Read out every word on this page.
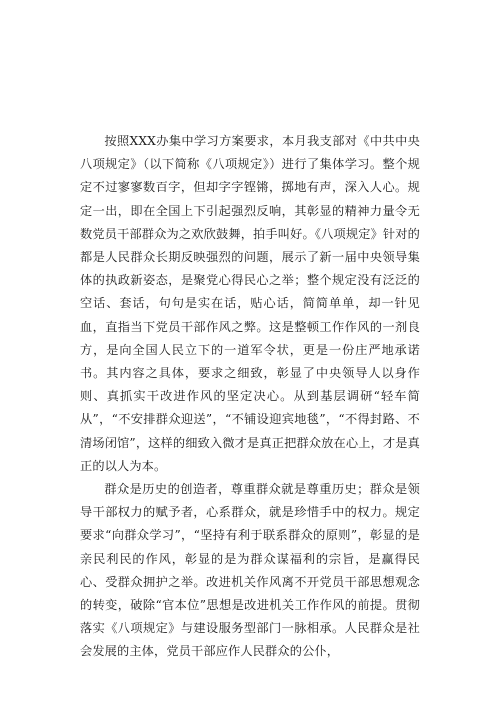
按照XXX办集中学习方案要求，本月我支部对《中共中央八项规定》（以下简称《八项规定》）进行了集体学习。整个规定不过寥寥数百字，但却字字铿锵，掷地有声，深入人心。规定一出，即在全国上下引起强烈反响，其彰显的精神力量令无数党员干部群众为之欢欣鼓舞，拍手叫好。《八项规定》针对的都是人民群众长期反映强烈的问题，展示了新一届中央领导集体的执政新姿态，是聚党心得民心之举；整个规定没有泛泛的空话、套话，句句是实在话，贴心话，简简单单，却一针见血，直指当下党员干部作风之弊。这是整顿工作作风的一剂良方，是向全国人民立下的一道军令状，更是一份庄严地承诺书。其内容之具体，要求之细致，彰显了中央领导人以身作则、真抓实干改进作风的坚定决心。从到基层调研“轻车简从”，“不安排群众迎送”，“不铺设迎宾地毯”，“不得封路、不清场闭馆”，这样的细致入微才是真正把群众放在心上，才是真正的以人为本。

群众是历史的创造者，尊重群众就是尊重历史；群众是领导干部权力的赋予者，心系群众，就是珍惜手中的权力。规定要求“向群众学习”，“坚持有利于联系群众的原则”，彰显的是亲民利民的作风，彰显的是为群众谋福利的宗旨，是赢得民心、受群众拥护之举。改进机关作风离不开党员干部思想观念的转变，破除“官本位”思想是改进机关工作作风的前提。贯彻落实《八项规定》与建设服务型部门一脉相承。人民群众是社会发展的主体，党员干部应作人民群众的公仆，
